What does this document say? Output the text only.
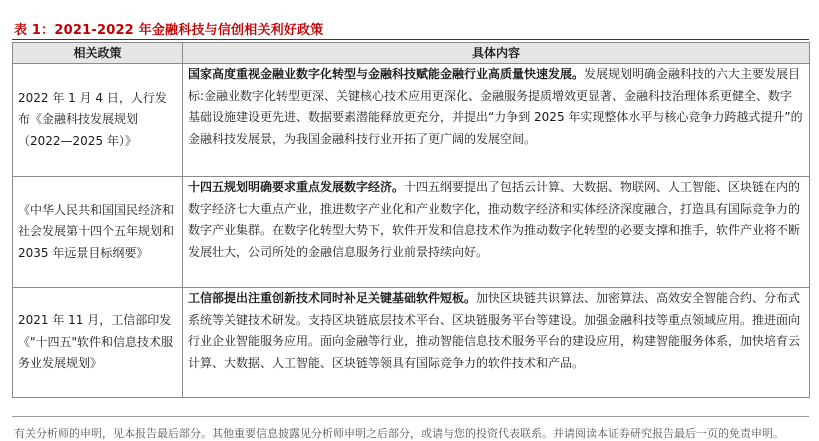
表 1：2021-2022 年金融科技与信创相关利好政策
相关政策	具体内容
2022 年 1 月 4 日，人行发布《金融科技发展规划（2022—2025 年）》	国家高度重视金融业数字化转型与金融科技赋能金融行业高质量快速发展。发展规划明确金融科技的六大主要发展目标:金融业数字化转型更深、关键核心技术应用更深化、金融服务提质增效更显著、金融科技治理体系更健全、数字基础设施建设更先进、数据要素潜能释放更充分，并提出“力争到 2025 年实现整体水平与核心竞争力跨越式提升”的金融科技发展景，为我国金融科技行业开拓了更广阔的发展空间。
《中华人民共和国国民经济和社会发展第十四个五年规划和 2035 年远景目标纲要》	十四五规划明确要求重点发展数字经济。十四五纲要提出了包括云计算、大数据、物联网、人工智能、区块链在内的数字经济七大重点产业，推进数字产业化和产业数字化，推动数字经济和实体经济深度融合，打造具有国际竞争力的数字产业集群。在数字化转型大势下，软件开发和信息技术作为推动数字化转型的必要支撑和推手，软件产业将不断发展壮大，公司所处的金融信息服务行业前景持续向好。
2021 年 11 月，工信部印发《"十四五"软件和信息技术服务业发展规划》	工信部提出注重创新技术同时补足关键基础软件短板。加快区块链共识算法、加密算法、高效安全智能合约、分布式系统等关键技术研发。支持区块链底层技术平台、区块链服务平台等建设。加强金融科技等重点领域应用。推进面向行业企业智能服务应用。面向金融等行业，推动智能信息技术服务平台的建设应用，构建智能服务体系，加快培育云计算、大数据、人工智能、区块链等领具有国际竞争力的软件技术和产品。
有关分析师的申明，见本报告最后部分。其他重要信息披露见分析师申明之后部分，或请与您的投资代表联系。并请阅读本证券研究报告最后一页的免责申明。
